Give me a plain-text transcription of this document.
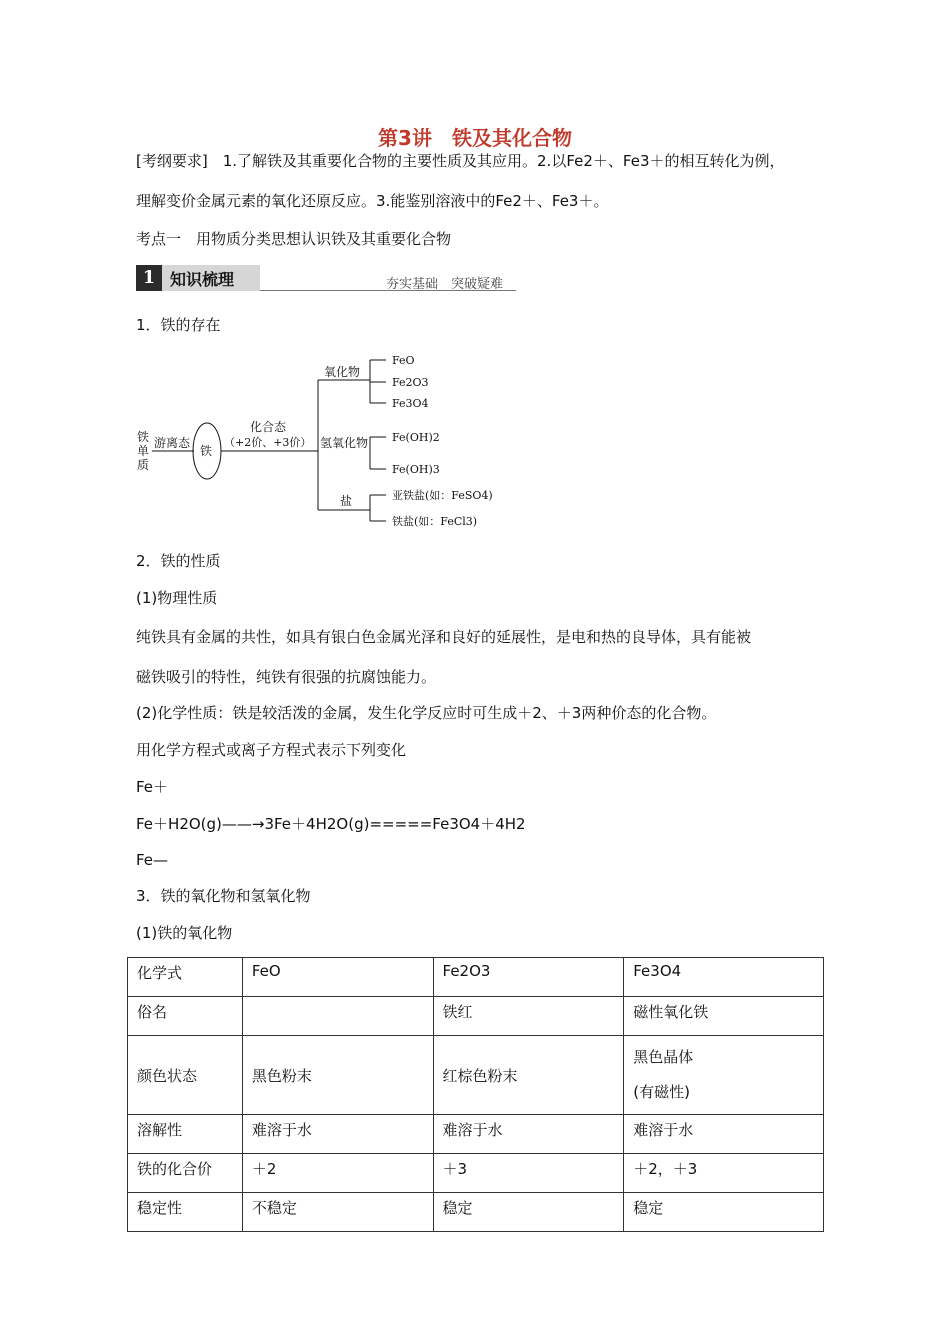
第3讲　铁及其化合物
[考纲要求]　1.了解铁及其重要化合物的主要性质及其应用。2.以Fe2＋、Fe3＋的相互转化为例，
理解变价金属元素的氧化还原反应。3.能鉴别溶液中的Fe2＋、Fe3＋。
考点一　用物质分类思想认识铁及其重要化合物
1 知识梳理	夯实基础　突破疑难
1．铁的存在
铁
单
质
游离态
铁
化合态
（+2价、+3价）
氧化物
氢氧化物
盐
FeO
Fe2O3
Fe3O4
Fe(OH)2
Fe(OH)3
亚铁盐(如：FeSO4)
铁盐(如：FeCl3)
2．铁的性质
(1)物理性质
纯铁具有金属的共性，如具有银白色金属光泽和良好的延展性，是电和热的良导体，具有能被
磁铁吸引的特性，纯铁有很强的抗腐蚀能力。
(2)化学性质：铁是较活泼的金属，发生化学反应时可生成＋2、＋3两种价态的化合物。
用化学方程式或离子方程式表示下列变化
Fe＋
Fe＋H2O(g)——→3Fe＋4H2O(g)=====Fe3O4＋4H2
Fe—
3．铁的氧化物和氢氧化物
(1)铁的氧化物
化学式	FeO	Fe2O3	Fe3O4
俗名		铁红	磁性氧化铁
颜色状态	黑色粉末	红棕色粉末	黑色晶体
(有磁性)

溶解性	难溶于水	难溶于水	难溶于水
铁的化合价	＋2	＋3	＋2，＋3
稳定性	不稳定	稳定	稳定
